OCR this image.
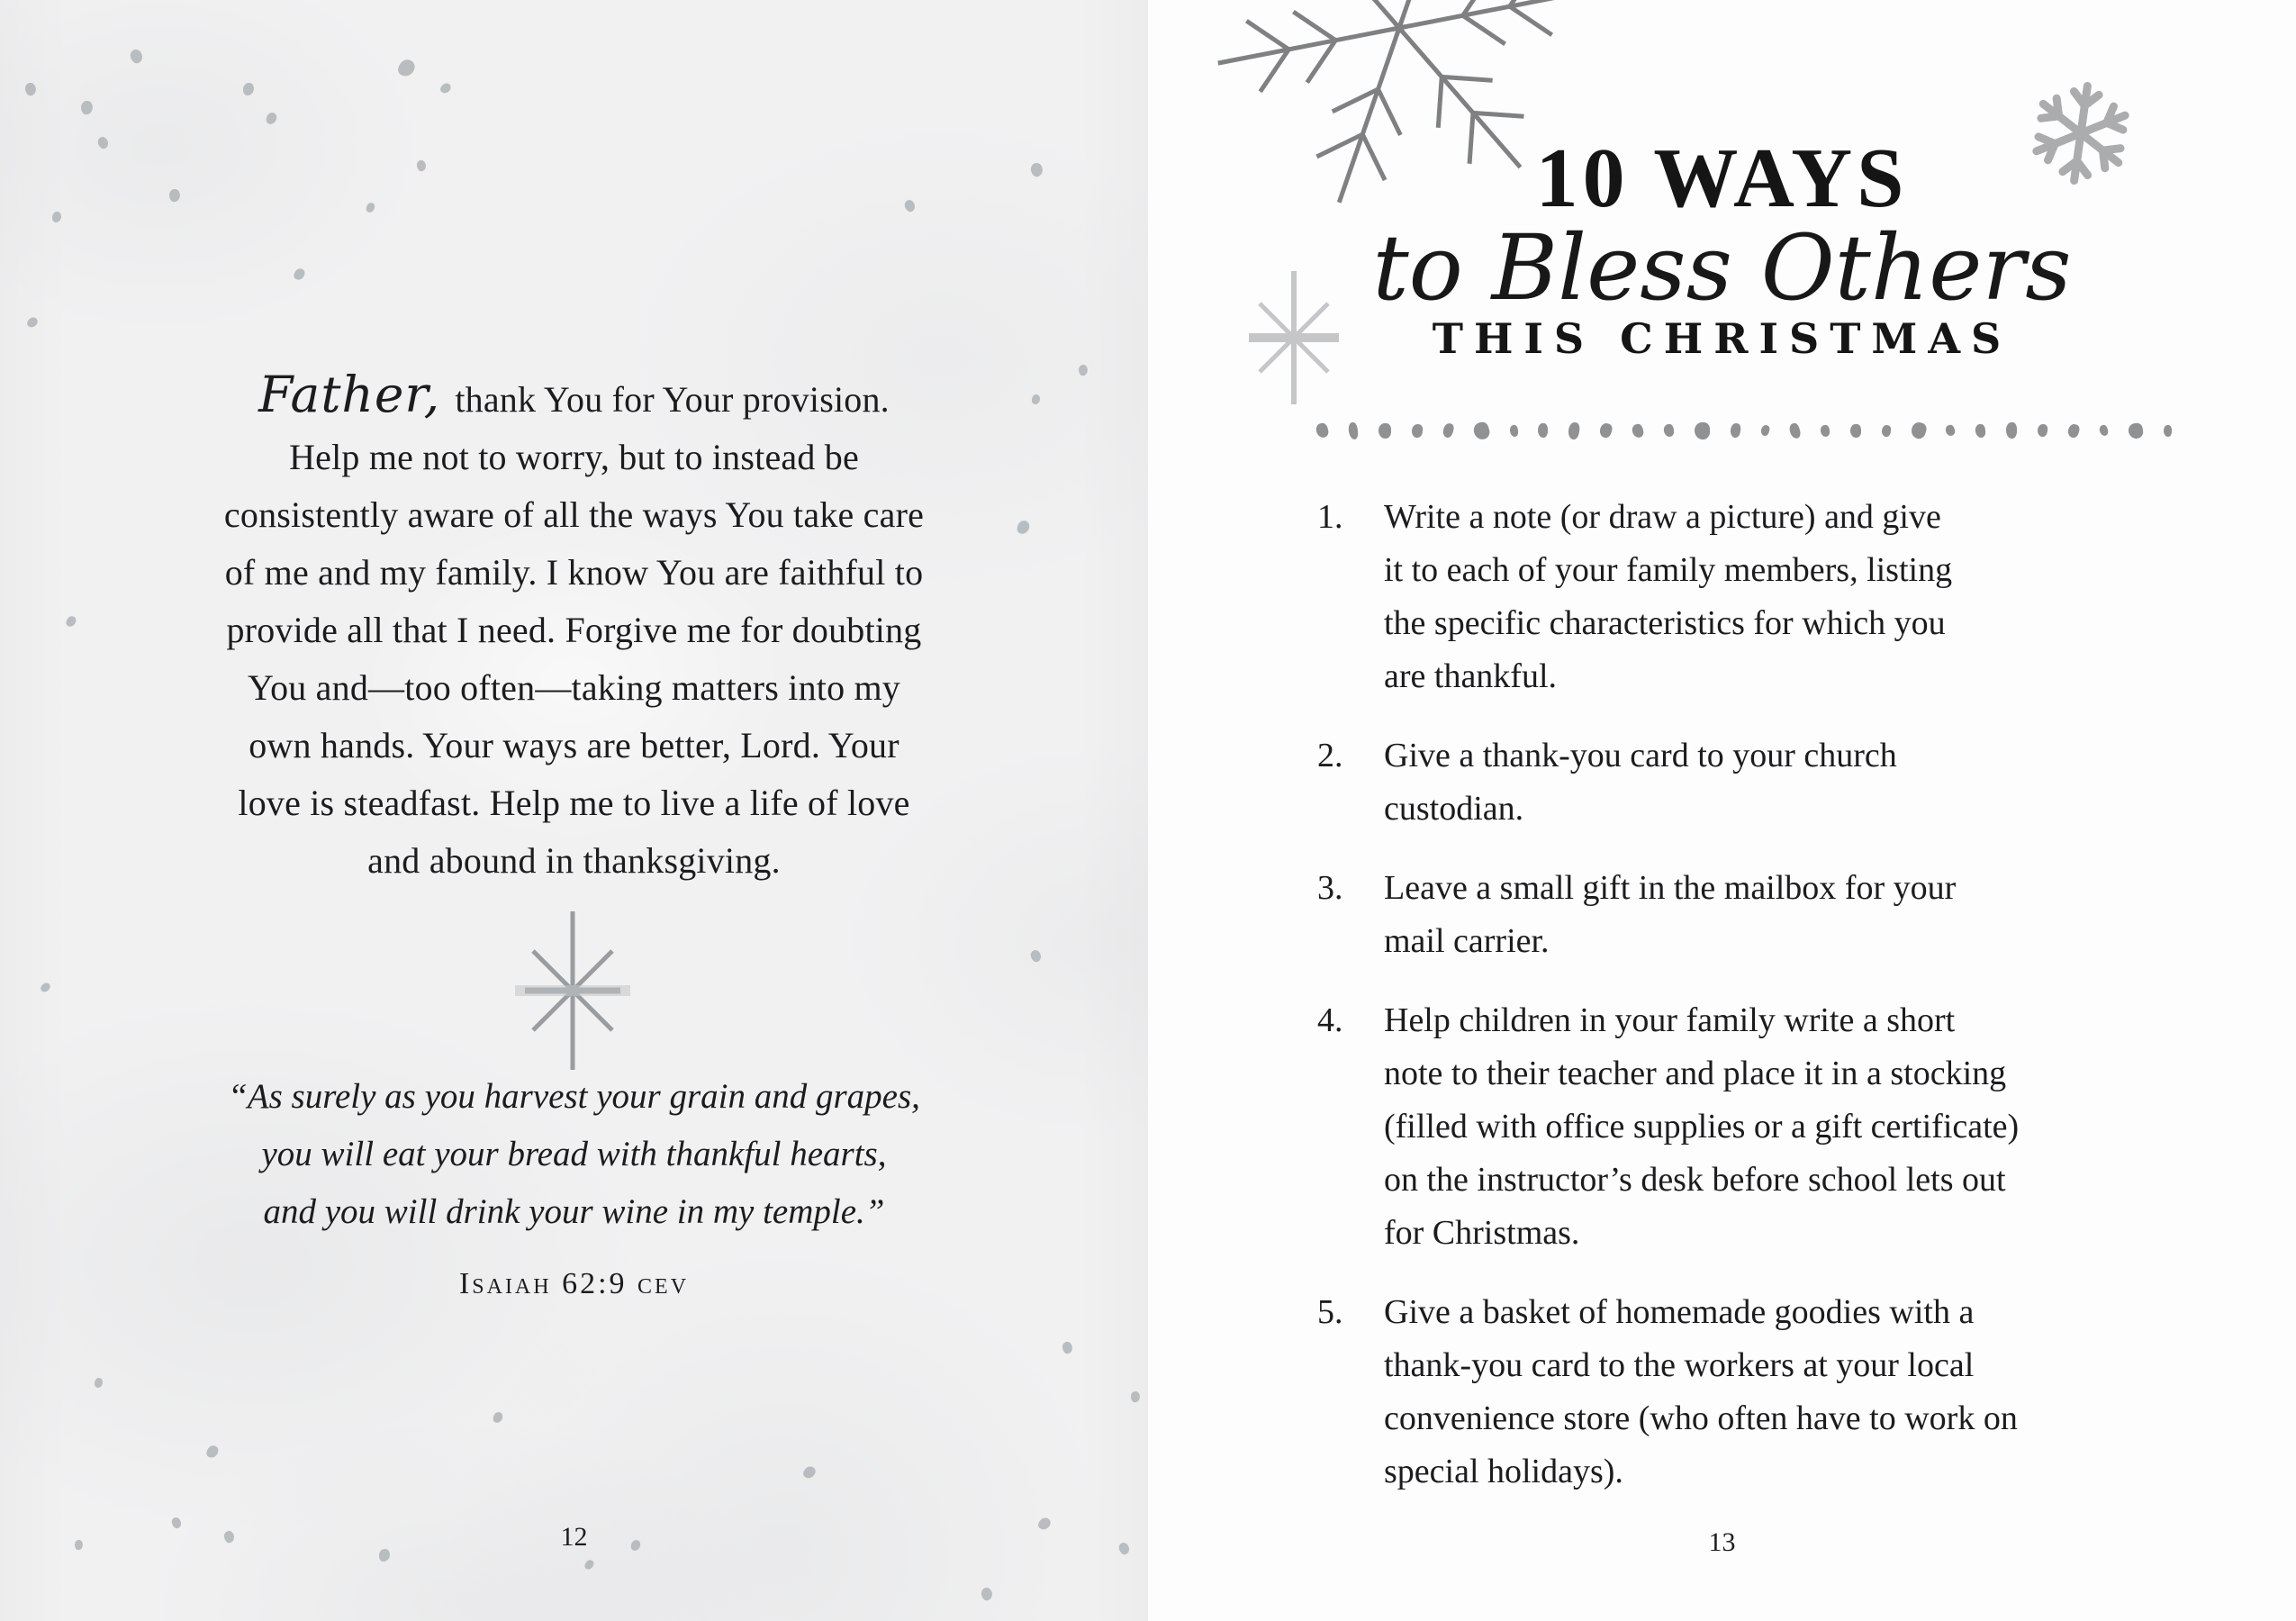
Father, thank You for Your provision.
Help me not to worry, but to instead be
consistently aware of all the ways You take care
of me and my family. I know You are faithful to
provide all that I need. Forgive me for doubting
You and—too often—taking matters into my
own hands. Your ways are better, Lord. Your
love is steadfast. Help me to live a life of love
and abound in thanksgiving.
“As surely as you harvest your grain and grapes,
you will eat your bread with thankful hearts,
and you will drink your wine in my temple.”
Isaiah 62:9 cev
12
10 WAYS
to Bless Others
THIS CHRISTMAS
1.	Write a note (or draw a picture) and give
it to each of your family members, listing
the specific characteristics for which you
are thankful.
2.	Give a thank-you card to your church
custodian.
3.	Leave a small gift in the mailbox for your
mail carrier.
4.	Help children in your family write a short
note to their teacher and place it in a stocking
(filled with office supplies or a gift certificate)
on the instructor’s desk before school lets out
for Christmas.
5.	Give a basket of homemade goodies with a
thank-you card to the workers at your local
convenience store (who often have to work on
special holidays).
13
